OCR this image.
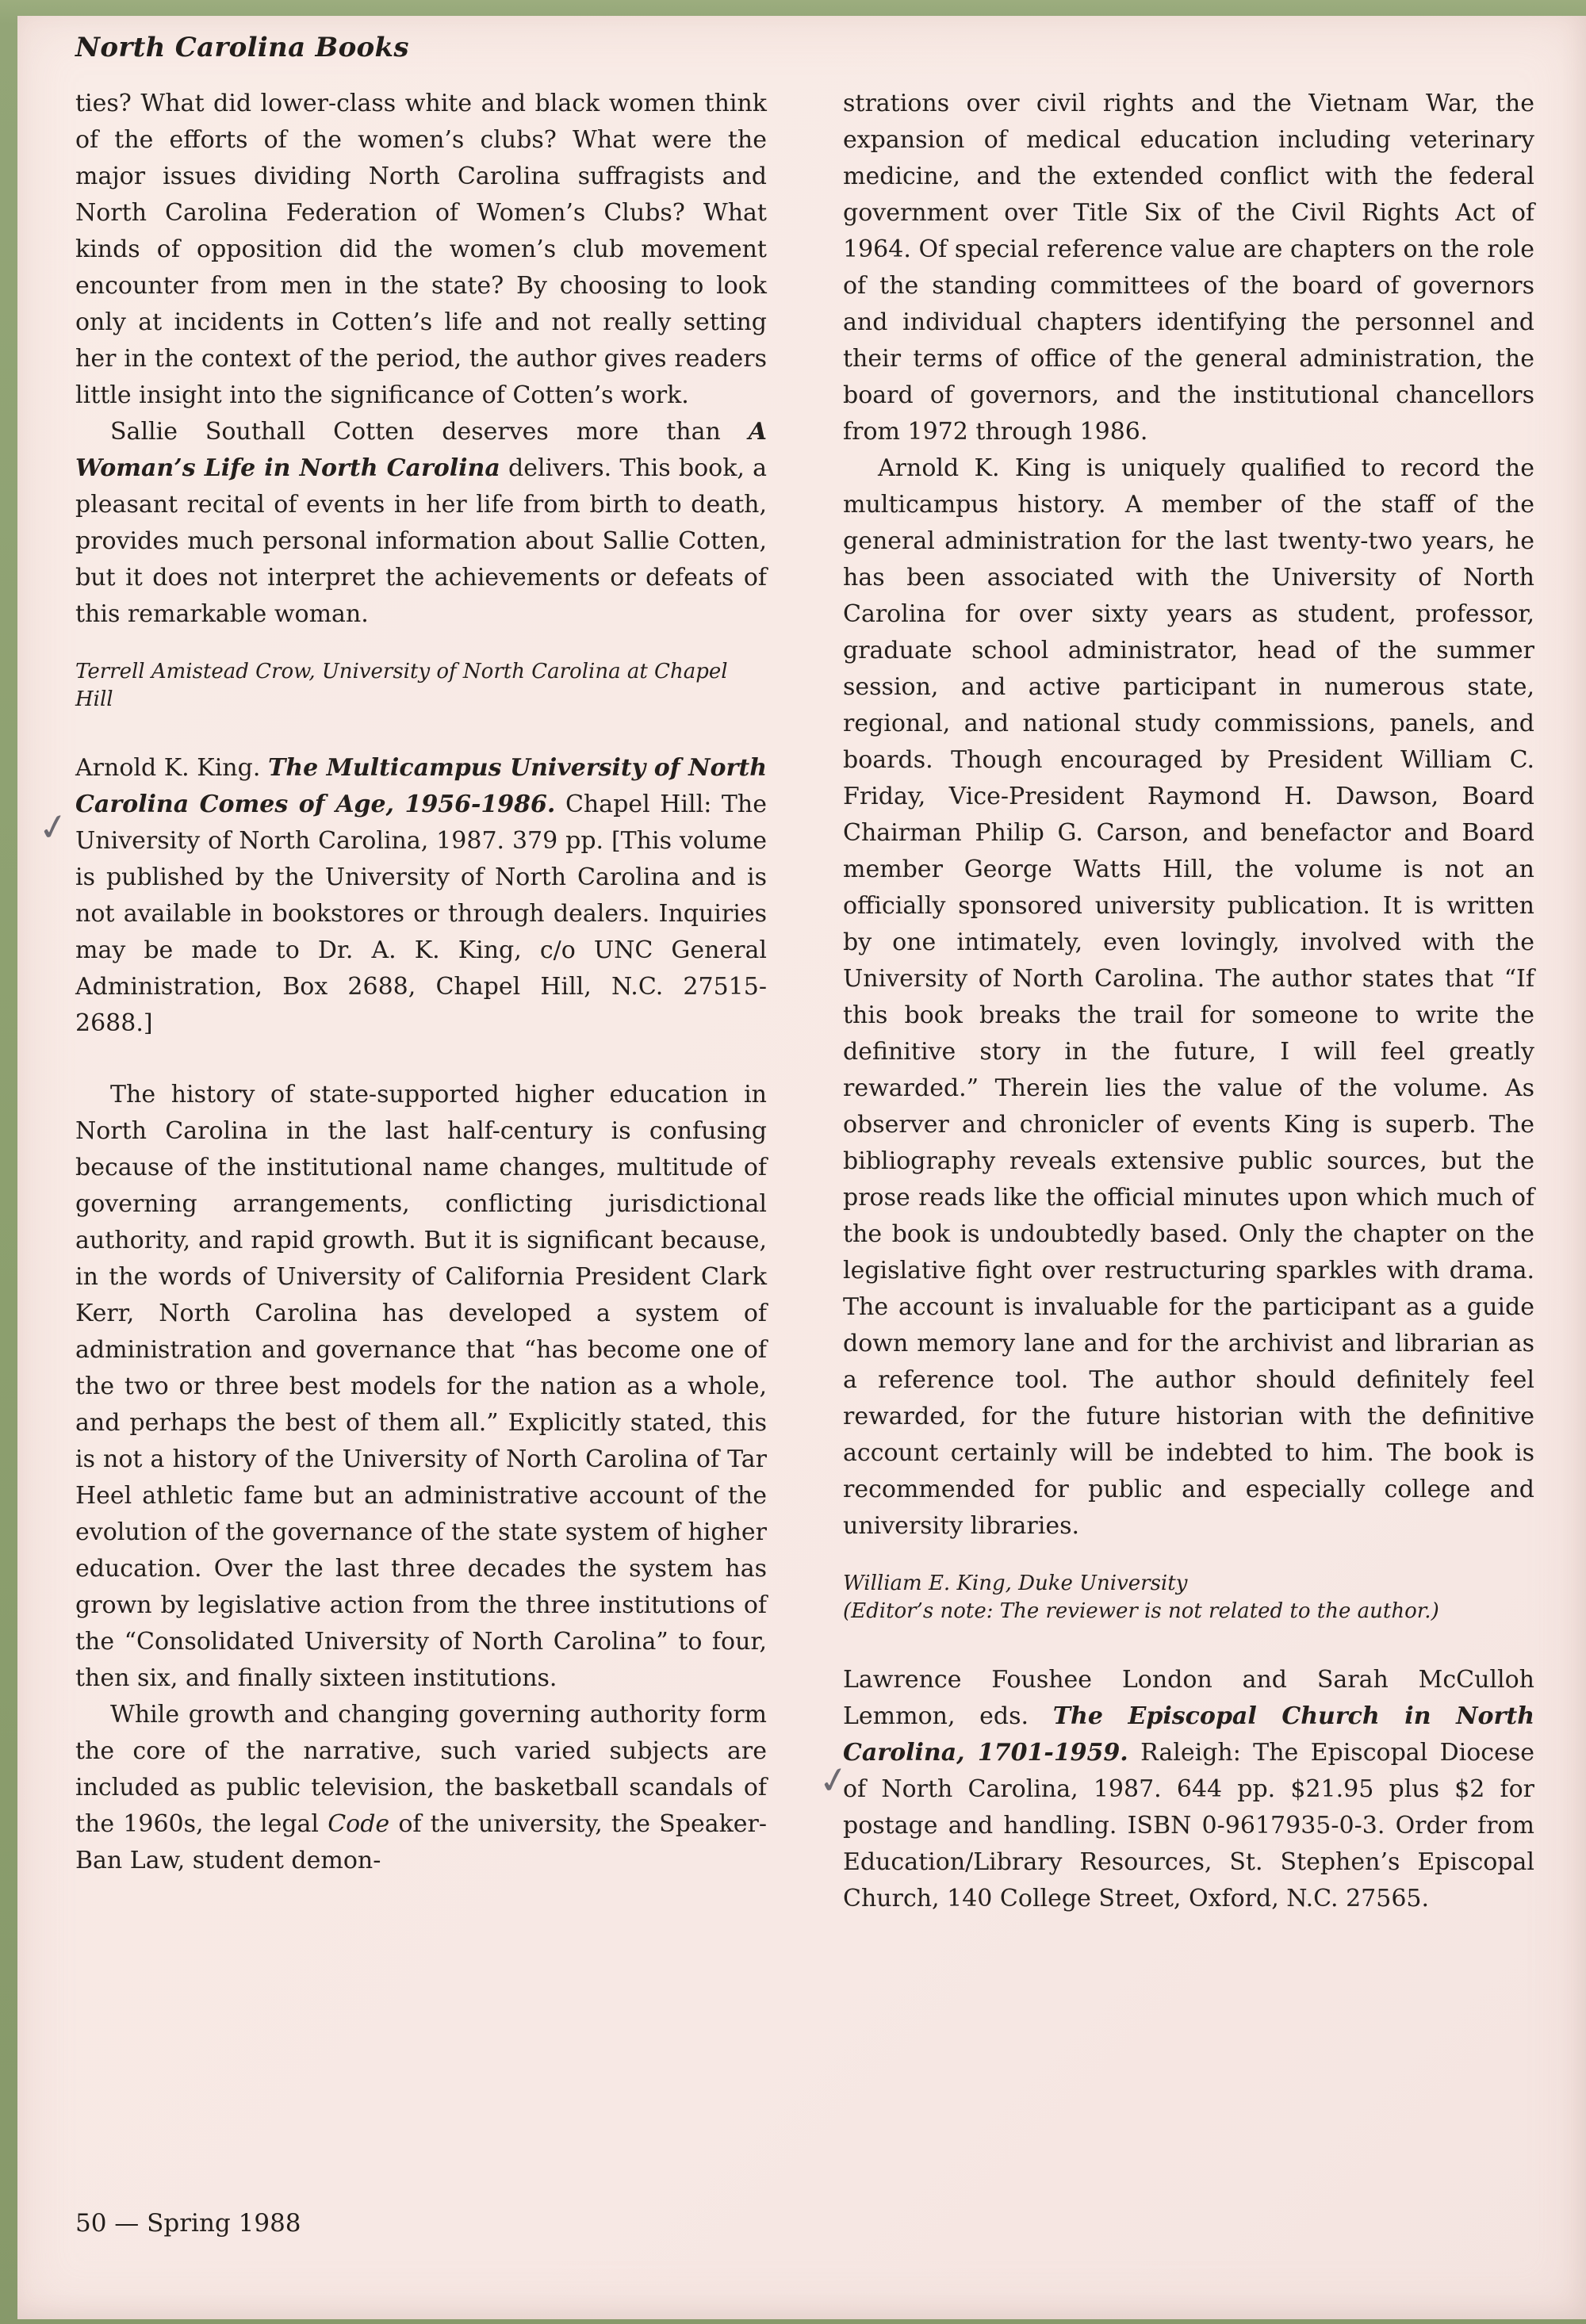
North Carolina Books

ties? What did lower-class white and black women think of the efforts of the women’s clubs? What were the major issues dividing North Carolina suffragists and North Carolina Federation of Women’s Clubs? What kinds of opposition did the women’s club movement encounter from men in the state? By choosing to look only at incidents in Cotten’s life and not really setting her in the context of the period, the author gives readers little insight into the significance of Cotten’s work.

Sallie Southall Cotten deserves more than A Woman’s Life in North Carolina delivers. This book, a pleasant recital of events in her life from birth to death, provides much personal information about Sallie Cotten, but it does not interpret the achievements or defeats of this remarkable woman.

Terrell Amistead Crow, University of North Carolina at Chapel Hill

Arnold K. King. The Multicampus University of North Carolina Comes of Age, 1956-1986. Chapel Hill: The University of North Carolina, 1987. 379 pp. [This volume is published by the University of North Carolina and is not available in bookstores or through dealers. Inquiries may be made to Dr. A. K. King, c/o UNC General Administration, Box 2688, Chapel Hill, N.C. 27515-2688.]

The history of state-supported higher education in North Carolina in the last half-century is confusing because of the institutional name changes, multitude of governing arrangements, conflicting jurisdictional authority, and rapid growth. But it is significant because, in the words of University of California President Clark Kerr, North Carolina has developed a system of administration and governance that “has become one of the two or three best models for the nation as a whole, and perhaps the best of them all.” Explicitly stated, this is not a history of the University of North Carolina of Tar Heel athletic fame but an administrative account of the evolution of the governance of the state system of higher education. Over the last three decades the system has grown by legislative action from the three institutions of the “Consolidated University of North Carolina” to four, then six, and finally sixteen institutions.

While growth and changing governing authority form the core of the narrative, such varied subjects are included as public television, the basketball scandals of the 1960s, the legal Code of the university, the Speaker-Ban Law, student demon-

strations over civil rights and the Vietnam War, the expansion of medical education including veterinary medicine, and the extended conflict with the federal government over Title Six of the Civil Rights Act of 1964. Of special reference value are chapters on the role of the standing committees of the board of governors and individual chapters identifying the personnel and their terms of office of the general administration, the board of governors, and the institutional chancellors from 1972 through 1986.

Arnold K. King is uniquely qualified to record the multicampus history. A member of the staff of the general administration for the last twenty-two years, he has been associated with the University of North Carolina for over sixty years as student, professor, graduate school administrator, head of the summer session, and active participant in numerous state, regional, and national study commissions, panels, and boards. Though encouraged by President William C. Friday, Vice-President Raymond H. Dawson, Board Chairman Philip G. Carson, and benefactor and Board member George Watts Hill, the volume is not an officially sponsored university publication. It is written by one intimately, even lovingly, involved with the University of North Carolina. The author states that “If this book breaks the trail for someone to write the definitive story in the future, I will feel greatly rewarded.” Therein lies the value of the volume. As observer and chronicler of events King is superb. The bibliography reveals extensive public sources, but the prose reads like the official minutes upon which much of the book is undoubtedly based. Only the chapter on the legislative fight over restructuring sparkles with drama. The account is invaluable for the participant as a guide down memory lane and for the archivist and librarian as a reference tool. The author should definitely feel rewarded, for the future historian with the definitive account certainly will be indebted to him. The book is recommended for public and especially college and university libraries.

William E. King, Duke University

(Editor’s note: The reviewer is not related to the author.)

Lawrence Foushee London and Sarah McCulloh Lemmon, eds. The Episcopal Church in North Carolina, 1701-1959. Raleigh: The Episcopal Diocese of North Carolina, 1987. 644 pp. $21.95 plus $2 for postage and handling. ISBN 0-9617935-0-3. Order from Education/Library Resources, St. Stephen’s Episcopal Church, 140 College Street, Oxford, N.C. 27565.

50 — Spring 1988
✓
✓
